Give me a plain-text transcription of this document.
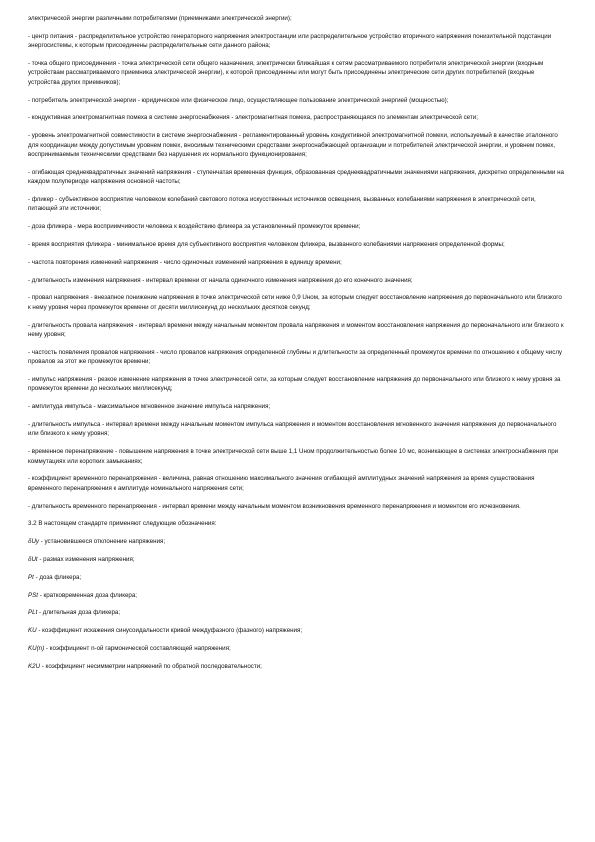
электрической энергии различными потребителями (приемниками электрической энергии);

- центр питания - распределительное устройство генераторного напряжения электростанции или распределительное устройство вторичного напряжения понизительной подстанции энергосистемы, к которым присоединены распределительные сети данного района;

- точка общего присоединения - точка электрической сети общего назначения, электрически ближайшая к сетям рассматриваемого потребителя электрической энергии (входным устройствам рассматриваемого приемника электрической энергии), к которой присоединены или могут быть присоединены электрические сети других потребителей (входные устройства других приемников);

- потребитель электрической энергии - юридическое или физическое лицо, осуществляющее пользование электрической энергией (мощностью);

- кондуктивная электромагнитная помеха в системе энергоснабжения - электромагнитная помеха, распространяющаяся по элементам электрической сети;

- уровень электромагнитной совместимости в системе энергоснабжения - регламентированный уровень кондуктивной электромагнитной помехи, используемый в качестве эталонного для координации между допустимым уровнем помех, вносимым техническими средствами энергоснабжающей организации и потребителей электрической энергии, и уровнем помех, воспринимаемым техническими средствами без нарушения их нормального функционирования;

- огибающая среднеквадратичных значений напряжения - ступенчатая временная функция, образованная среднеквадратичными значениями напряжения, дискретно определенными на каждом полупериоде напряжения основной частоты;

- фликер - субъективное восприятие человеком колебаний светового потока искусственных источников освещения, вызванных колебаниями напряжения в электрической сети, питающей эти источники;

- доза фликера - мера восприимчивости человека к воздействию фликера за установленный промежуток времени;

- время восприятия фликера - минимальное время для субъективного восприятия человеком фликера, вызванного колебаниями напряжения определенной формы;

- частота повторения изменений напряжения - число одиночных изменений напряжения в единицу времени;

- длительность изменения напряжения - интервал времени от начала одиночного изменения напряжения до его конечного значения;

- провал напряжения - внезапное понижение напряжения в точке электрической сети ниже 0,9 Uном, за которым следует восстановление напряжения до первоначального или близкого к нему уровня через промежуток времени от десяти миллисекунд до нескольких десятков секунд;

- длительность провала напряжения - интервал времени между начальным моментом провала напряжения и моментом восстановления напряжения до первоначального или близкого к нему уровня;

- частость появления провалов напряжения - число провалов напряжения определенной глубины и длительности за определенный промежуток времени по отношению к общему числу провалов за этот же промежуток времени;

- импульс напряжения - резкое изменение напряжения в точке электрической сети, за которым следует восстановление напряжения до первоначального или близкого к нему уровня за промежуток времени до нескольких миллисекунд;

- амплитуда импульса - максимальное мгновенное значение импульса напряжения;

- длительность импульса - интервал времени между начальным моментом импульса напряжения и моментом восстановления мгновенного значения напряжения до первоначального или близкого к нему уровня;

- временное перенапряжение - повышение напряжения в точке электрической сети выше 1,1 Uном продолжительностью более 10 мс, возникающее в системах электроснабжения при коммутациях или коротких замыканиях;

- коэффициент временного перенапряжения - величина, равная отношению максимального значения огибающей амплитудных значений напряжения за время существования временного перенапряжения к амплитуде номинального напряжения сети;

- длительность временного перенапряжения - интервал времени между начальным моментом возникновения временного перенапряжения и моментом его исчезновения.

3.2 В настоящем стандарте применяют следующие обозначения:

δUу - установившееся отклонение напряжения;

δUt - размах изменения напряжения;

Pt - доза фликера;

PSt - кратковременная доза фликера;

PLt - длительная доза фликера;

KU - коэффициент искажения синусоидальности кривой междуфазного (фазного) напряжения;

KU(n) - коэффициент n-ой гармонической составляющей напряжения;

K2U - коэффициент несимметрии напряжений по обратной последовательности;
